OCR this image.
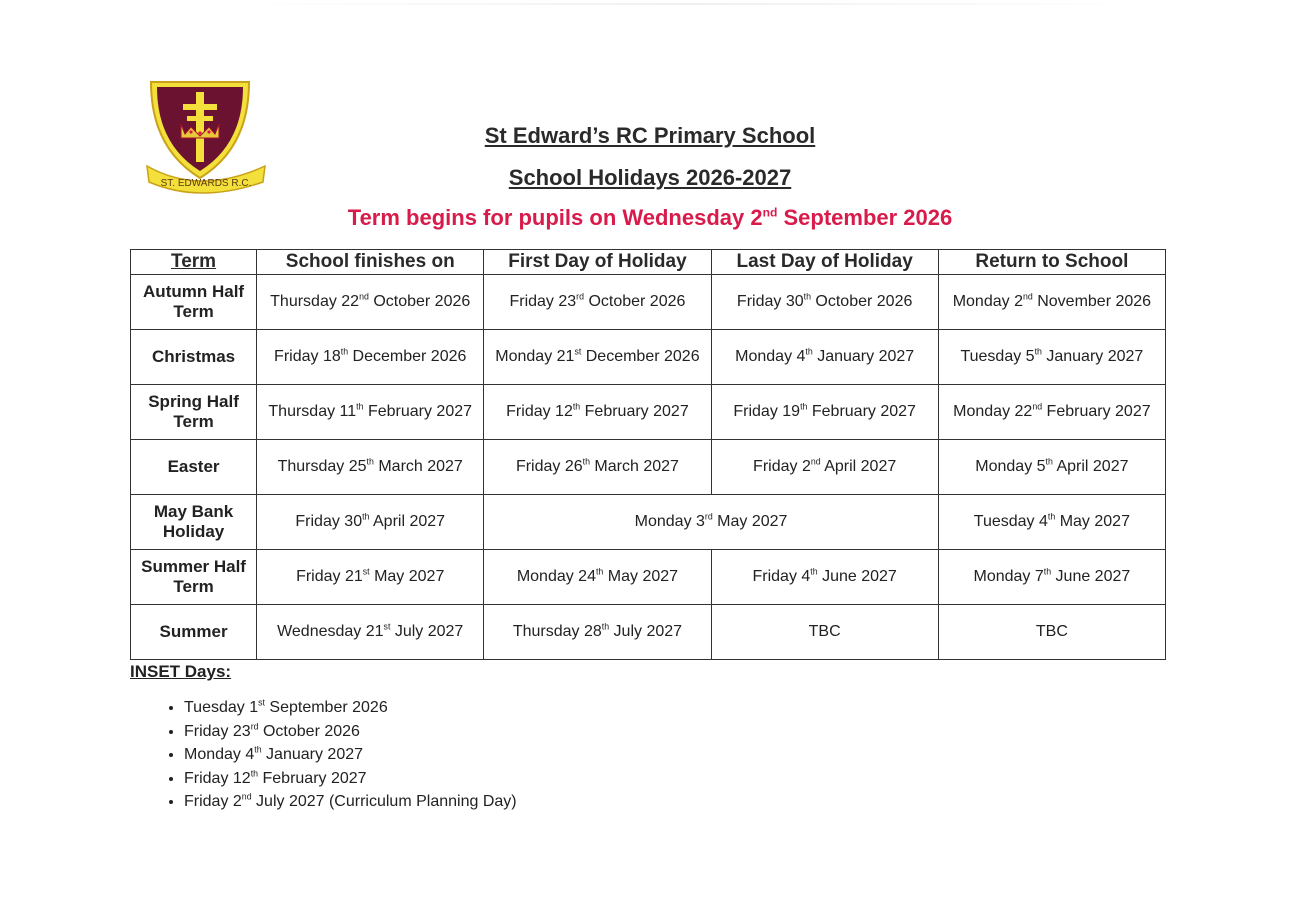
ST. EDWARDS R.C.

St Edward’s RC Primary School

School Holidays 2026-2027

Term begins for pupils on Wednesday 2nd September 2026

Term	School finishes on	First Day of Holiday	Last Day of Holiday	Return to School
Autumn Half Term	Thursday 22nd October 2026	Friday 23rd October 2026	Friday 30th October 2026	Monday 2nd November 2026
Christmas	Friday 18th December 2026	Monday 21st December 2026	Monday 4th January 2027	Tuesday 5th January 2027
Spring Half Term	Thursday 11th February 2027	Friday 12th February 2027	Friday 19th February 2027	Monday 22nd February 2027
Easter	Thursday 25th March 2027	Friday 26th March 2027	Friday 2nd April 2027	Monday 5th April 2027
May Bank Holiday	Friday 30th April 2027	Monday 3rd May 2027		Tuesday 4th May 2027
Summer Half Term	Friday 21st May 2027	Monday 24th May 2027	Friday 4th June 2027	Monday 7th June 2027
Summer	Wednesday 21st July 2027	Thursday 28th July 2027	TBC	TBC

INSET Days:

• Tuesday 1st September 2026
• Friday 23rd October 2026
• Monday 4th January 2027
• Friday 12th February 2027
• Friday 2nd July 2027 (Curriculum Planning Day)
